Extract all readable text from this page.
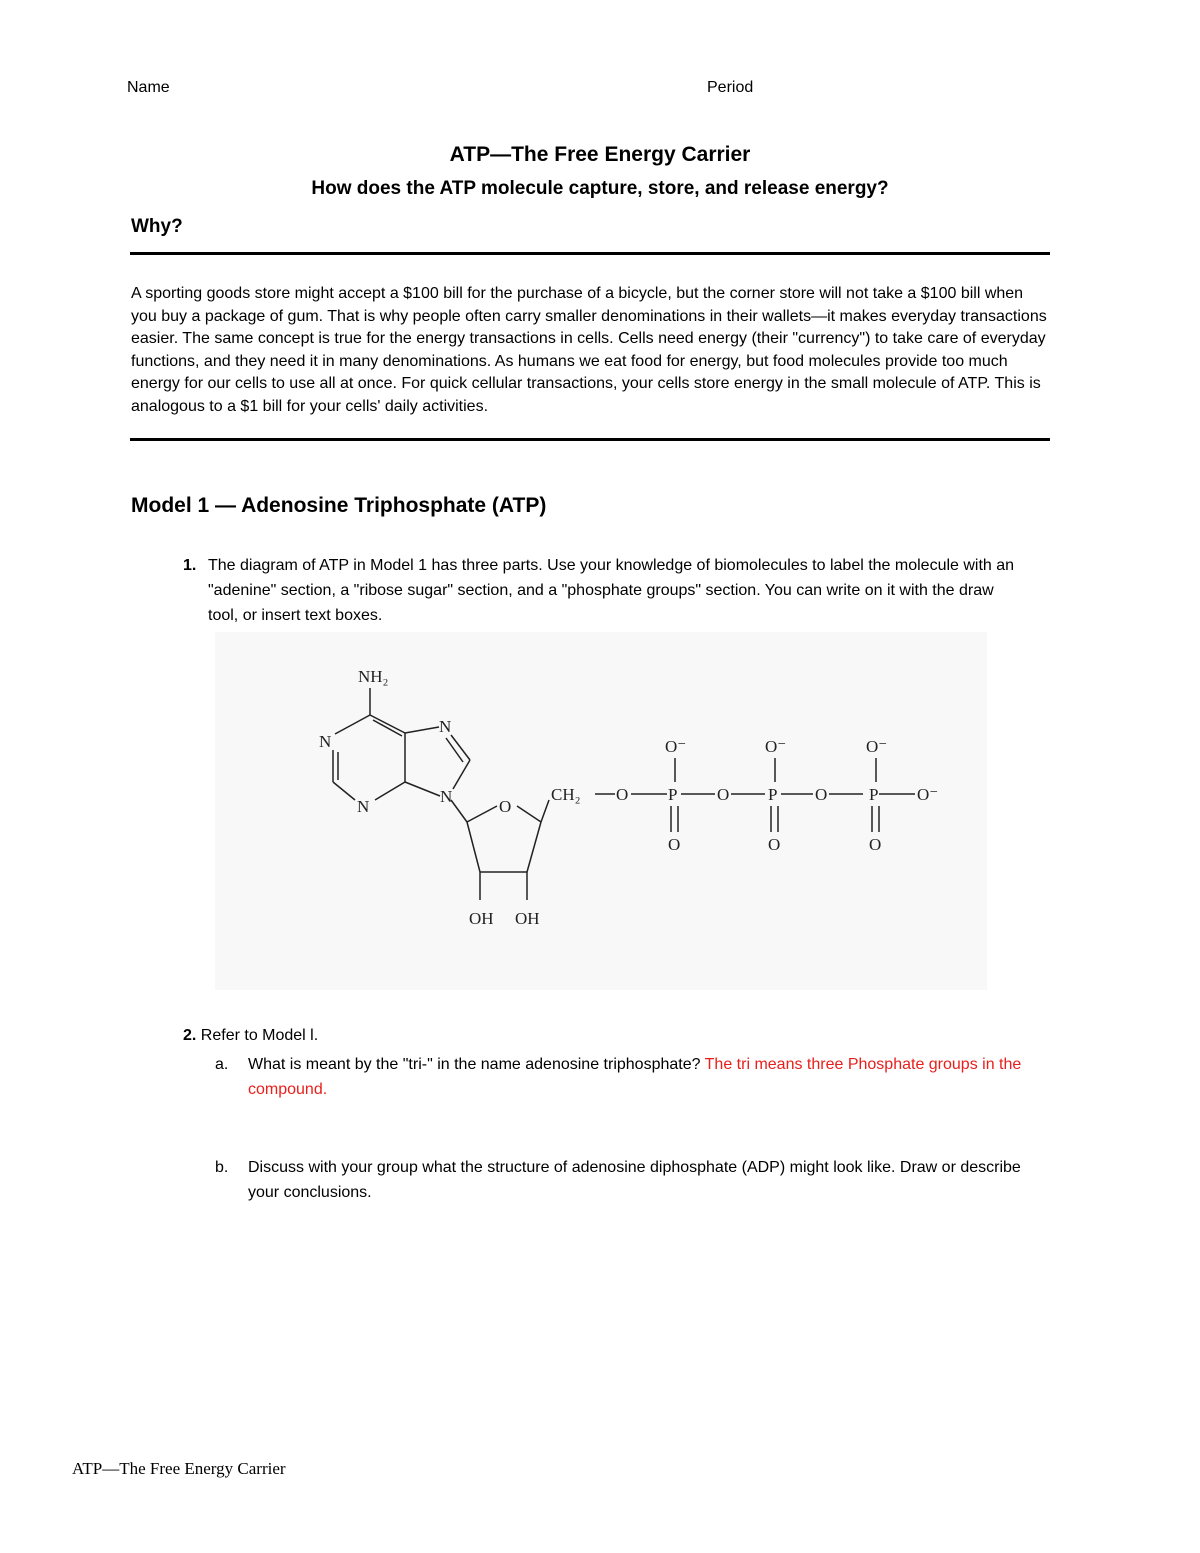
Name	Period
ATP—The Free Energy Carrier
How does the ATP molecule capture, store, and release energy?
Why?
A sporting goods store might accept a $100 bill for the purchase of a bicycle, but the corner store will not take a $100 bill when you buy a package of gum. That is why people often carry smaller denominations in their wallets—it makes everyday transactions easier. The same concept is true for the energy transactions in cells. Cells need energy (their "currency") to take care of everyday functions, and they need it in many denominations. As humans we eat food for energy, but food molecules provide too much energy for our cells to use all at once. For quick cellular transactions, your cells store energy in the small molecule of ATP. This is analogous to a $1 bill for your cells' daily activities.
Model 1 — Adenosine Triphosphate (ATP)
1. The diagram of ATP in Model 1 has three parts. Use your knowledge of biomolecules to label the molecule with an "adenine" section, a "ribose sugar" section, and a "phosphate groups" section. You can write on it with the draw tool, or insert text boxes.
NH₂
N
N
N
N
O
CH₂ O P O P O P O⁻
O⁻	O⁻	O⁻
O	O	O
OH OH
2. Refer to Model l.
a. What is meant by the "tri-" in the name adenosine triphosphate? The tri means three Phosphate groups in the compound.
b. Discuss with your group what the structure of adenosine diphosphate (ADP) might look like. Draw or describe your conclusions.
ATP—The Free Energy Carrier
